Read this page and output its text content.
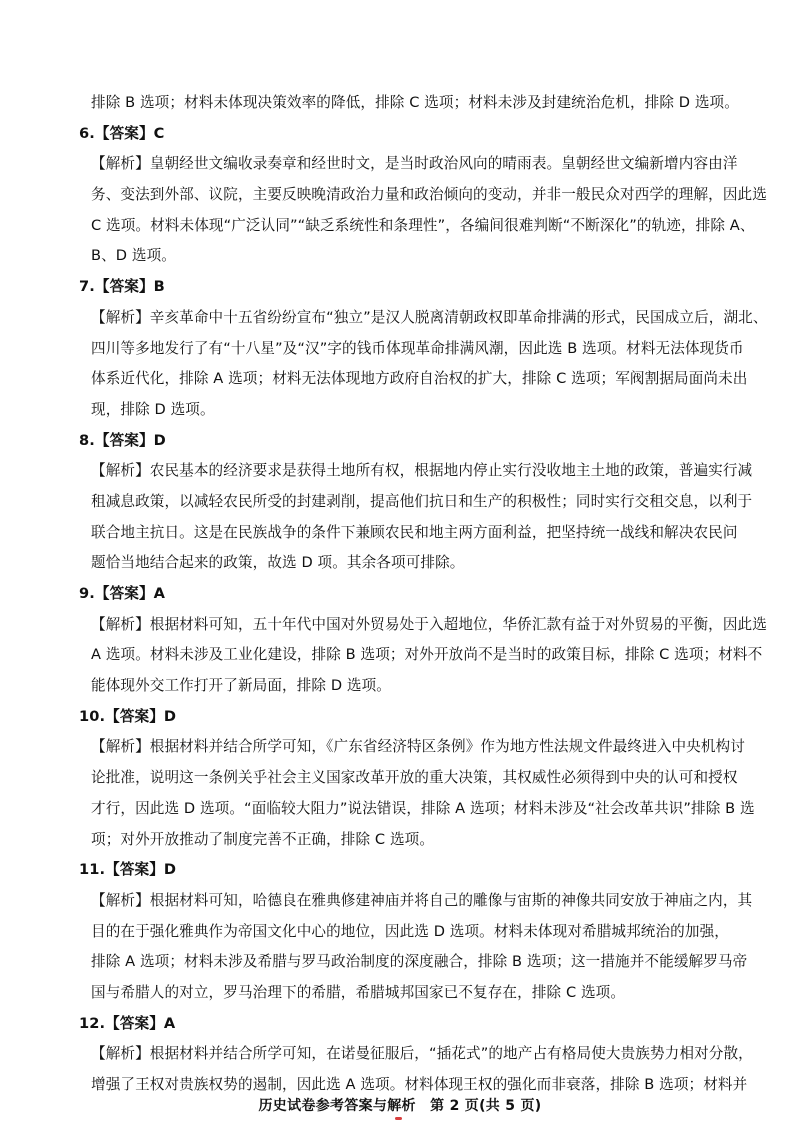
排除 B 选项；材料未体现决策效率的降低，排除 C 选项；材料未涉及封建统治危机，排除 D 选项。
6.【答案】C
【解析】皇朝经世文编收录奏章和经世时文，是当时政治风向的晴雨表。皇朝经世文编新增内容由洋
务、变法到外部、议院，主要反映晚清政治力量和政治倾向的变动，并非一般民众对西学的理解，因此选
C 选项。材料未体现“广泛认同”“缺乏系统性和条理性”，各编间很难判断“不断深化”的轨迹，排除 A、
B、D 选项。
7.【答案】B
【解析】辛亥革命中十五省纷纷宣布“独立”是汉人脱离清朝政权即革命排满的形式，民国成立后，湖北、
四川等多地发行了有“十八星”及“汉”字的钱币体现革命排满风潮，因此选 B 选项。材料无法体现货币
体系近代化，排除 A 选项；材料无法体现地方政府自治权的扩大，排除 C 选项；军阀割据局面尚未出
现，排除 D 选项。
8.【答案】D
【解析】农民基本的经济要求是获得土地所有权，根据地内停止实行没收地主土地的政策，普遍实行减
租减息政策，以减轻农民所受的封建剥削，提高他们抗日和生产的积极性；同时实行交租交息，以利于
联合地主抗日。这是在民族战争的条件下兼顾农民和地主两方面利益，把坚持统一战线和解决农民问
题恰当地结合起来的政策，故选 D 项。其余各项可排除。
9.【答案】A
【解析】根据材料可知，五十年代中国对外贸易处于入超地位，华侨汇款有益于对外贸易的平衡，因此选
A 选项。材料未涉及工业化建设，排除 B 选项；对外开放尚不是当时的政策目标，排除 C 选项；材料不
能体现外交工作打开了新局面，排除 D 选项。
10.【答案】D
【解析】根据材料并结合所学可知，《广东省经济特区条例》作为地方性法规文件最终进入中央机构讨
论批准，说明这一条例关乎社会主义国家改革开放的重大决策，其权威性必须得到中央的认可和授权
才行，因此选 D 选项。“面临较大阻力”说法错误，排除 A 选项；材料未涉及“社会改革共识”排除 B 选
项；对外开放推动了制度完善不正确，排除 C 选项。
11.【答案】D
【解析】根据材料可知，哈德良在雅典修建神庙并将自己的雕像与宙斯的神像共同安放于神庙之内，其
目的在于强化雅典作为帝国文化中心的地位，因此选 D 选项。材料未体现对希腊城邦统治的加强，
排除 A 选项；材料未涉及希腊与罗马政治制度的深度融合，排除 B 选项；这一措施并不能缓解罗马帝
国与希腊人的对立，罗马治理下的希腊，希腊城邦国家已不复存在，排除 C 选项。
12.【答案】A
【解析】根据材料并结合所学可知，在诺曼征服后，“插花式”的地产占有格局使大贵族势力相对分散，
增强了王权对贵族权势的遏制，因此选 A 选项。材料体现王权的强化而非衰落，排除 B 选项；材料并
历史试卷参考答案与解析　第 2 页(共 5 页)
